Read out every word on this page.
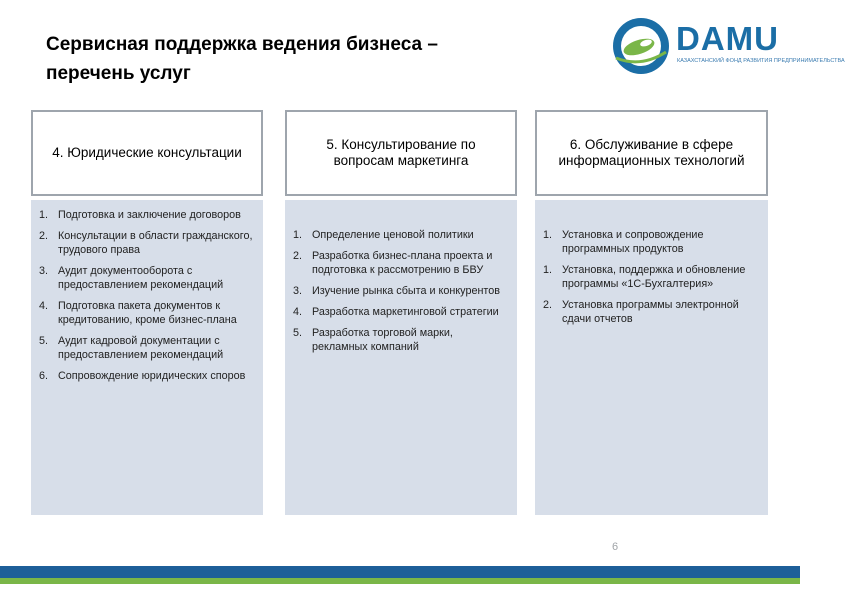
Сервисная поддержка ведения бизнеса –
перечень услуг
DAMU
КАЗАХСТАНСКИЙ ФОНД РАЗВИТИЯ ПРЕДПРИНИМАТЕЛЬСТВА
4. Юридические консультации
1. Подготовка и заключение договоров
2. Консультации в области гражданского, трудового права
3. Аудит документооборота с предоставлением рекомендаций
4. Подготовка пакета документов к кредитованию, кроме бизнес-плана
5. Аудит кадровой документации с предоставлением рекомендаций
6. Сопровождение юридических споров
5. Консультирование по вопросам маркетинга
1. Определение ценовой политики
2. Разработка бизнес-плана проекта и подготовка к рассмотрению в БВУ
3. Изучение рынка сбыта и конкурентов
4. Разработка маркетинговой стратегии
5. Разработка торговой марки, рекламных компаний
6. Обслуживание в сфере информационных технологий
1. Установка и сопровождение программных продуктов
1. Установка, поддержка и обновление программы «1С-Бухгалтерия»
2. Установка программы электронной сдачи отчетов
6
